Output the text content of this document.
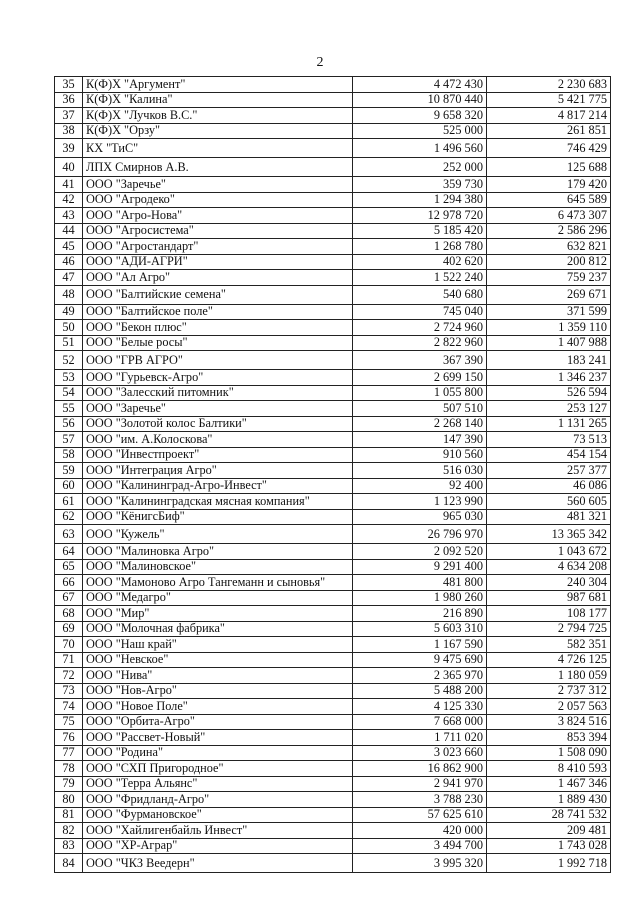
2
35	К(Ф)Х "Аргумент"	4 472 430	2 230 683
36	К(Ф)Х "Калина"	10 870 440	5 421 775
37	К(Ф)Х "Лучков В.С."	9 658 320	4 817 214
38	К(Ф)Х "Орзу"	525 000	261 851
39	КХ "ТиС"	1 496 560	746 429
40	ЛПХ Смирнов А.В.	252 000	125 688
41	ООО "Заречье"	359 730	179 420
42	ООО "Агродеко"	1 294 380	645 589
43	ООО "Агро-Нова"	12 978 720	6 473 307
44	ООО "Агросистема"	5 185 420	2 586 296
45	ООО "Агростандарт"	1 268 780	632 821
46	ООО "АДИ-АГРИ"	402 620	200 812
47	ООО "Ал Агро"	1 522 240	759 237
48	ООО "Балтийские семена"	540 680	269 671
49	ООО "Балтийское поле"	745 040	371 599
50	ООО "Бекон плюс"	2 724 960	1 359 110
51	ООО "Белые росы"	2 822 960	1 407 988
52	ООО "ГРВ АГРО"	367 390	183 241
53	ООО "Гурьевск-Агро"	2 699 150	1 346 237
54	ООО "Залесский питомник"	1 055 800	526 594
55	ООО "Заречье"	507 510	253 127
56	ООО "Золотой колос Балтики"	2 268 140	1 131 265
57	ООО "им. А.Колоскова"	147 390	73 513
58	ООО "Инвестпроект"	910 560	454 154
59	ООО "Интеграция Агро"	516 030	257 377
60	ООО "Калининград-Агро-Инвест"	92 400	46 086
61	ООО "Калининградская мясная компания"	1 123 990	560 605
62	ООО "КёнигсБиф"	965 030	481 321
63	ООО "Кужель"	26 796 970	13 365 342
64	ООО "Малиновка Агро"	2 092 520	1 043 672
65	ООО "Малиновское"	9 291 400	4 634 208
66	ООО "Мамоново Агро Тангеманн и сыновья"	481 800	240 304
67	ООО "Медагро"	1 980 260	987 681
68	ООО "Мир"	216 890	108 177
69	ООО "Молочная фабрика"	5 603 310	2 794 725
70	ООО "Наш край"	1 167 590	582 351
71	ООО "Невское"	9 475 690	4 726 125
72	ООО "Нива"	2 365 970	1 180 059
73	ООО "Нов-Агро"	5 488 200	2 737 312
74	ООО "Новое Поле"	4 125 330	2 057 563
75	ООО "Орбита-Агро"	7 668 000	3 824 516
76	ООО "Рассвет-Новый"	1 711 020	853 394
77	ООО "Родина"	3 023 660	1 508 090
78	ООО "СХП Пригородное"	16 862 900	8 410 593
79	ООО "Терра Альянс"	2 941 970	1 467 346
80	ООО "Фридланд-Агро"	3 788 230	1 889 430
81	ООО "Фурмановское"	57 625 610	28 741 532
82	ООО "Хайлигенбайль Инвест"	420 000	209 481
83	ООО "ХР-Аграр"	3 494 700	1 743 028
84	ООО "ЧКЗ Веедерн"	3 995 320	1 992 718
